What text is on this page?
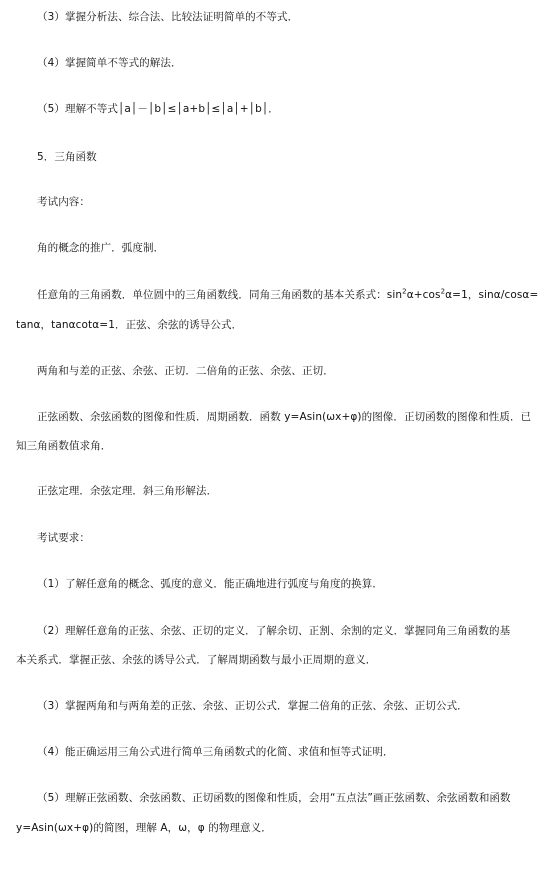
（3）掌握分析法、综合法、比较法证明简单的不等式．
（4）掌握简单不等式的解法．
（5）理解不等式│a│－│b│≤│a+b│≤│a│+│b│．
5．三角函数
考试内容：
角的概念的推广．弧度制．
任意角的三角函数．单位圆中的三角函数线．同角三角函数的基本关系式：$\sin^2\alpha+\cos^2\alpha=1$，sinα/cosα=
tanα，tanαcotα=1．正弦、余弦的诱导公式．
两角和与差的正弦、余弦、正切．二倍角的正弦、余弦、正切．
正弦函数、余弦函数的图像和性质．周期函数．函数 y=Asin(ωx+φ)的图像．正切函数的图像和性质．已
知三角函数值求角．
正弦定理．余弦定理．斜三角形解法．
考试要求：
（1）了解任意角的概念、弧度的意义．能正确地进行弧度与角度的换算．
（2）理解任意角的正弦、余弦、正切的定义．了解余切、正割、余割的定义．掌握同角三角函数的基
本关系式．掌握正弦、余弦的诱导公式．了解周期函数与最小正周期的意义．
（3）掌握两角和与两角差的正弦、余弦、正切公式．掌握二倍角的正弦、余弦、正切公式．
（4）能正确运用三角公式进行简单三角函数式的化简、求值和恒等式证明．
（5）理解正弦函数、余弦函数、正切函数的图像和性质，会用“五点法”画正弦函数、余弦函数和函数
y=Asin(ωx+φ)的简图，理解 A，ω，φ 的物理意义．
